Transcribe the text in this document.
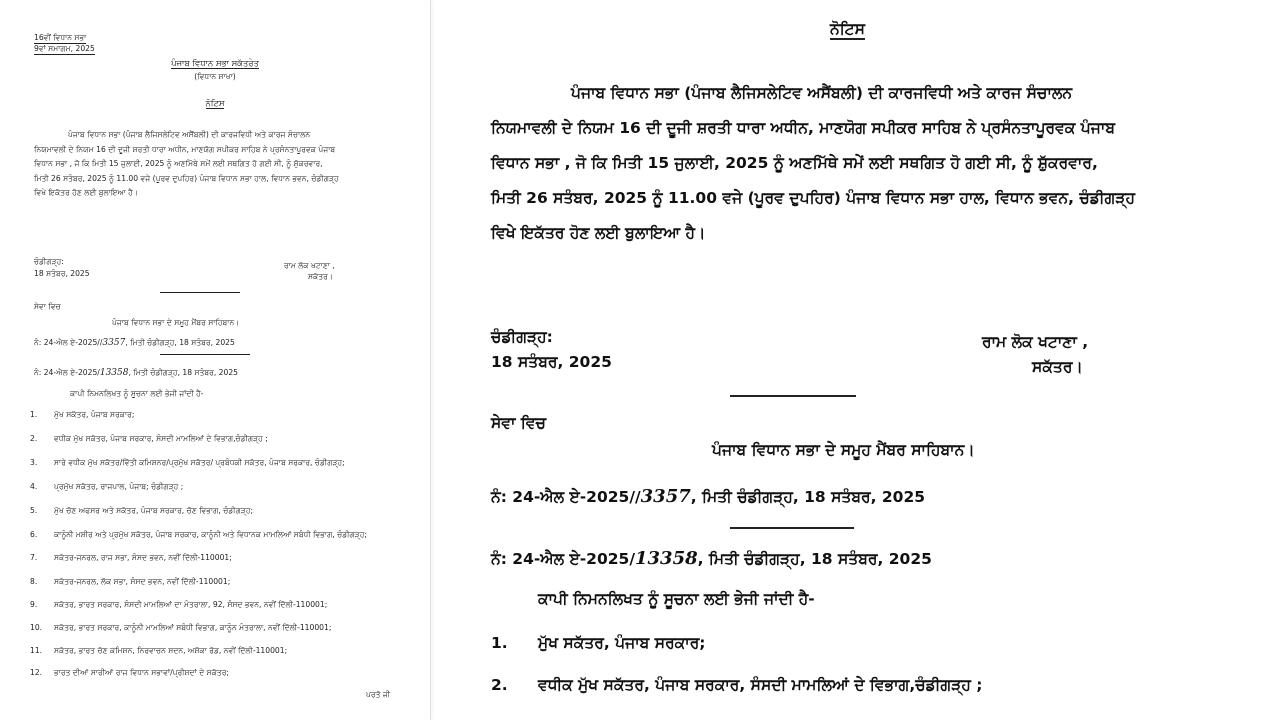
16ਵੀਂ ਵਿਧਾਨ ਸਭਾ
9ਵਾਂ ਸਮਾਗਮ, 2025
ਪੰਜਾਬ ਵਿਧਾਨ ਸਭਾ ਸਕੱਤਰੇਤ
(ਵਿਧਾਨ ਸ਼ਾਖਾ)
ਨੋਟਿਸ
ਪੰਜਾਬ ਵਿਧਾਨ ਸਭਾ (ਪੰਜਾਬ ਲੈਜਿਸਲੇਟਿਵ ਅਸੈਂਬਲੀ) ਦੀ ਕਾਰਜਵਿਧੀ ਅਤੇ ਕਾਰਜ ਸੰਚਾਲਨ
ਨਿਯਮਾਵਲੀ ਦੇ ਨਿਯਮ 16 ਦੀ ਦੂਜੀ ਸ਼ਰਤੀ ਧਾਰਾ ਅਧੀਨ, ਮਾਣਯੋਗ ਸਪੀਕਰ ਸਾਹਿਬ ਨੇ ਪ੍ਰਸੰਨਤਾਪੂਰਵਕ ਪੰਜਾਬ
ਵਿਧਾਨ ਸਭਾ , ਜੋ ਕਿ ਮਿਤੀ 15 ਜੁਲਾਈ, 2025 ਨੂੰ ਅਣਮਿੱਥੇ ਸਮੇਂ ਲਈ ਸਥਗਿਤ ਹੋ ਗਈ ਸੀ, ਨੂੰ ਸ਼ੁੱਕਰਵਾਰ,
ਮਿਤੀ 26 ਸਤੰਬਰ, 2025 ਨੂੰ 11.00 ਵਜੇ (ਪੂਰਵ ਦੁਪਹਿਰ) ਪੰਜਾਬ ਵਿਧਾਨ ਸਭਾ ਹਾਲ, ਵਿਧਾਨ ਭਵਨ, ਚੰਡੀਗੜ੍ਹ
ਵਿਖੇ ਇਕੱਤਰ ਹੋਣ ਲਈ ਬੁਲਾਇਆ ਹੈ।
ਚੰਡੀਗੜ੍ਹ:
18 ਸਤੰਬਰ, 2025
ਰਾਮ ਲੋਕ ਖਟਾਣਾ ,
ਸਕੱਤਰ।
ਸੇਵਾ ਵਿਚ
ਪੰਜਾਬ ਵਿਧਾਨ ਸਭਾ ਦੇ ਸਮੂਹ ਮੈਂਬਰ ਸਾਹਿਬਾਨ।
ਨੰ: 24-ਐਲ ਏ-2025//3357, ਮਿਤੀ ਚੰਡੀਗੜ੍ਹ, 18 ਸਤੰਬਰ, 2025
ਨੰ: 24-ਐਲ ਏ-2025/13358, ਮਿਤੀ ਚੰਡੀਗੜ੍ਹ, 18 ਸਤੰਬਰ, 2025
ਕਾਪੀ ਨਿਮਨਲਿਖਤ ਨੂੰ ਸੂਚਨਾ ਲਈ ਭੇਜੀ ਜਾਂਦੀ ਹੈ-
1. ਮੁੱਖ ਸਕੱਤਰ, ਪੰਜਾਬ ਸਰਕਾਰ;
2. ਵਧੀਕ ਮੁੱਖ ਸਕੱਤਰ, ਪੰਜਾਬ ਸਰਕਾਰ, ਸੰਸਦੀ ਮਾਮਲਿਆਂ ਦੇ ਵਿਭਾਗ,ਚੰਡੀਗੜ੍ਹ ;
3. ਸਾਰੇ ਵਧੀਕ ਮੁੱਖ ਸਕੱਤਰ/ਵਿੱਤੀ ਕਮਿਸ਼ਨਰ/ਪ੍ਰਮੁੱਖ ਸਕੱਤਰ/ ਪ੍ਰਬੰਧਕੀ ਸਕੱਤਰ, ਪੰਜਾਬ ਸਰਕਾਰ, ਚੰਡੀਗੜ੍ਹ;
4. ਪ੍ਰਮੁੱਖ ਸਕੱਤਰ, ਰਾਜਪਾਲ, ਪੰਜਾਬ; ਚੰਡੀਗੜ੍ਹ ;
5. ਮੁੱਖ ਚੋਣ ਅਫਸਰ ਅਤੇ ਸਕੱਤਰ, ਪੰਜਾਬ ਸਰਕਾਰ, ਚੋਣ ਵਿਭਾਗ, ਚੰਡੀਗੜ੍ਹ;
6. ਕਾਨੂੰਨੀ ਮਸ਼ੀਰ ਅਤੇ ਪ੍ਰਮੁੱਖ ਸਕੱਤਰ, ਪੰਜਾਬ ਸਰਕਾਰ, ਕਾਨੂੰਨੀ ਅਤੇ ਵਿਧਾਨਕ ਮਾਮਲਿਆਂ ਸਬੰਧੀ ਵਿਭਾਗ, ਚੰਡੀਗੜ੍ਹ;
7. ਸਕੱਤਰ-ਜਨਰਲ, ਰਾਜ ਸਭਾ, ਸੰਸਦ ਭਵਨ, ਨਵੀਂ ਦਿੱਲੀ-110001;
8. ਸਕੱਤਰ-ਜਨਰਲ, ਲੋਕ ਸਭਾ, ਸੰਸਦ ਭਵਨ, ਨਵੀਂ ਦਿੱਲੀ-110001;
9. ਸਕੱਤਰ, ਭਾਰਤ ਸਰਕਾਰ, ਸੰਸਦੀ ਮਾਮਲਿਆਂ ਦਾ ਮੰਤਰਾਲਾ, 92, ਸੰਸਦ ਭਵਨ, ਨਵੀਂ ਦਿੱਲੀ-110001;
10. ਸਕੱਤਰ, ਭਾਰਤ ਸਰਕਾਰ, ਕਾਨੂੰਨੀ ਮਾਮਲਿਆਂ ਸਬੰਧੀ ਵਿਭਾਗ, ਕਾਨੂੰਨ ਮੰਤਰਾਲਾ, ਨਵੀਂ ਦਿੱਲੀ-110001;
11. ਸਕੱਤਰ, ਭਾਰਤ ਚੋਣ ਕਮਿਸ਼ਨ, ਨਿਰਵਾਚਨ ਸਦਨ, ਅਸ਼ੋਕਾ ਰੋਡ, ਨਵੀਂ ਦਿੱਲੀ-110001;
12. ਭਾਰਤ ਦੀਆਂ ਸਾਰੀਆਂ ਰਾਜ ਵਿਧਾਨ ਸਭਾਵਾਂ/ਪ੍ਰੀਸ਼ਦਾਂ ਦੇ ਸਕੱਤਰ;
ਪਰਤੋ ਜੀ
ਨੋਟਿਸ
ਪੰਜਾਬ ਵਿਧਾਨ ਸਭਾ (ਪੰਜਾਬ ਲੈਜਿਸਲੇਟਿਵ ਅਸੈਂਬਲੀ) ਦੀ ਕਾਰਜਵਿਧੀ ਅਤੇ ਕਾਰਜ ਸੰਚਾਲਨ
ਨਿਯਮਾਵਲੀ ਦੇ ਨਿਯਮ 16 ਦੀ ਦੂਜੀ ਸ਼ਰਤੀ ਧਾਰਾ ਅਧੀਨ, ਮਾਣਯੋਗ ਸਪੀਕਰ ਸਾਹਿਬ ਨੇ ਪ੍ਰਸੰਨਤਾਪੂਰਵਕ ਪੰਜਾਬ
ਵਿਧਾਨ ਸਭਾ , ਜੋ ਕਿ ਮਿਤੀ 15 ਜੁਲਾਈ, 2025 ਨੂੰ ਅਣਮਿੱਥੇ ਸਮੇਂ ਲਈ ਸਥਗਿਤ ਹੋ ਗਈ ਸੀ, ਨੂੰ ਸ਼ੁੱਕਰਵਾਰ,
ਮਿਤੀ 26 ਸਤੰਬਰ, 2025 ਨੂੰ 11.00 ਵਜੇ (ਪੂਰਵ ਦੁਪਹਿਰ) ਪੰਜਾਬ ਵਿਧਾਨ ਸਭਾ ਹਾਲ, ਵਿਧਾਨ ਭਵਨ, ਚੰਡੀਗੜ੍ਹ
ਵਿਖੇ ਇਕੱਤਰ ਹੋਣ ਲਈ ਬੁਲਾਇਆ ਹੈ।
ਚੰਡੀਗੜ੍ਹ:
18 ਸਤੰਬਰ, 2025
ਰਾਮ ਲੋਕ ਖਟਾਣਾ ,
ਸਕੱਤਰ।
ਸੇਵਾ ਵਿਚ
ਪੰਜਾਬ ਵਿਧਾਨ ਸਭਾ ਦੇ ਸਮੂਹ ਮੈਂਬਰ ਸਾਹਿਬਾਨ।
ਨੰ: 24-ਐਲ ਏ-2025//3357, ਮਿਤੀ ਚੰਡੀਗੜ੍ਹ, 18 ਸਤੰਬਰ, 2025
ਨੰ: 24-ਐਲ ਏ-2025/13358, ਮਿਤੀ ਚੰਡੀਗੜ੍ਹ, 18 ਸਤੰਬਰ, 2025
ਕਾਪੀ ਨਿਮਨਲਿਖਤ ਨੂੰ ਸੂਚਨਾ ਲਈ ਭੇਜੀ ਜਾਂਦੀ ਹੈ-
1. ਮੁੱਖ ਸਕੱਤਰ, ਪੰਜਾਬ ਸਰਕਾਰ;
2. ਵਧੀਕ ਮੁੱਖ ਸਕੱਤਰ, ਪੰਜਾਬ ਸਰਕਾਰ, ਸੰਸਦੀ ਮਾਮਲਿਆਂ ਦੇ ਵਿਭਾਗ,ਚੰਡੀਗੜ੍ਹ ;
